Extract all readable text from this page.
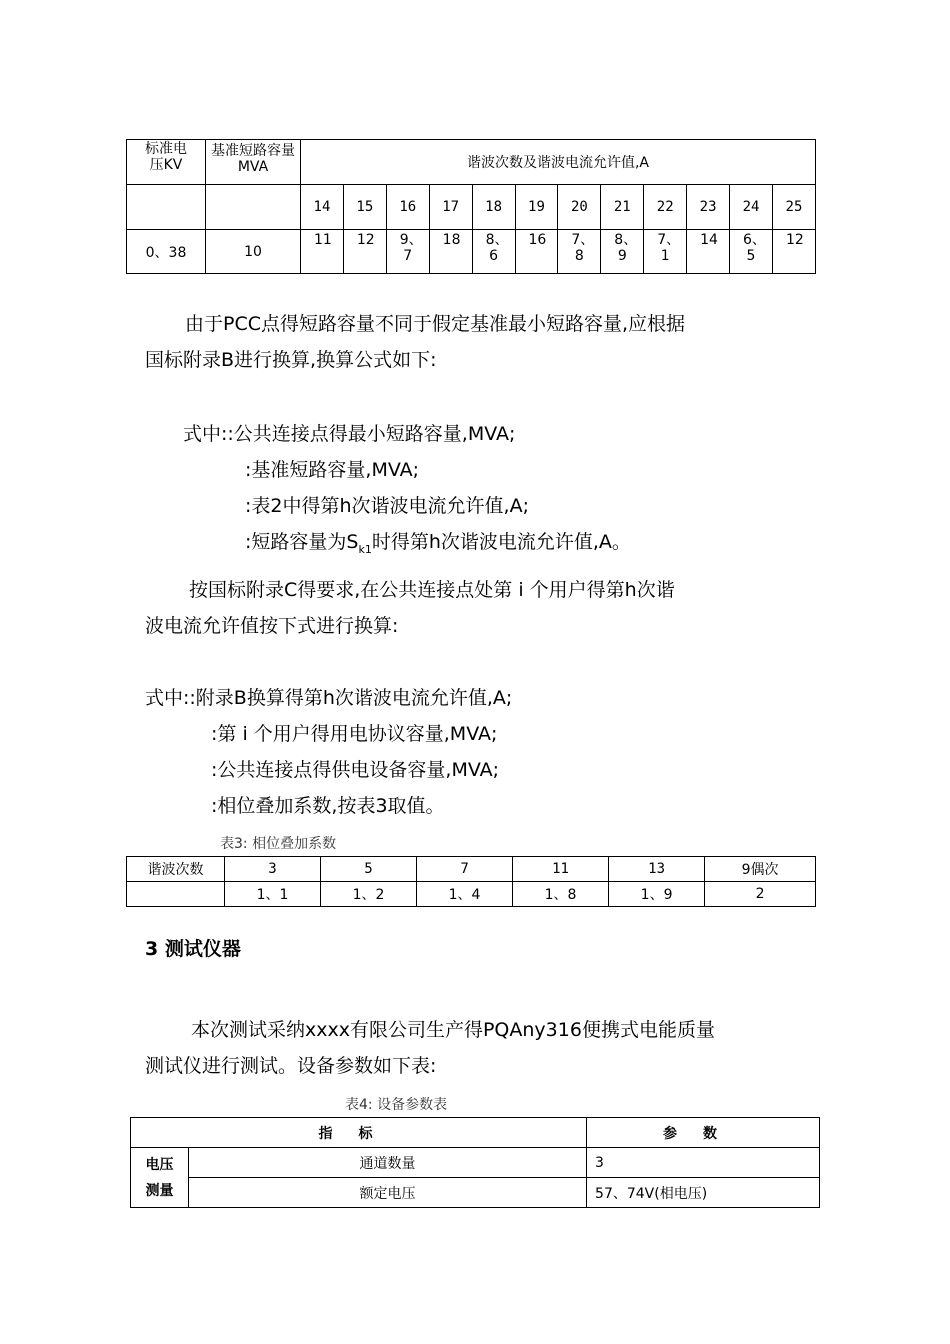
标准电压KV	基准短路容量MVA	谐波次数及谐波电流允许值,A											
		14	15	16	17	18	19	20	21	22	23	24	25
0、38	10	11	12	9、7	18	8、6	16	7、8	8、9	7、1	14	6、5	12
由于PCC点得短路容量不同于假定基准最小短路容量,应根据
国标附录B进行换算,换算公式如下:
式中::公共连接点得最小短路容量,MVA;
:基准短路容量,MVA;
:表2中得第h次谐波电流允许值,A;
:短路容量为$S_{k1}$时得第h次谐波电流允许值,A。
按国标附录C得要求,在公共连接点处第 i 个用户得第h次谐
波电流允许值按下式进行换算:
式中::附录B换算得第h次谐波电流允许值,A;
:第 i 个用户得用电协议容量,MVA;
:公共连接点得供电设备容量,MVA;
:相位叠加系数,按表3取值。
表3: 相位叠加系数
谐波次数	3	5	7	11	13	9偶次
	1、1	1、2	1、4	1、8	1、9	2
3 测试仪器
本次测试采纳xxxx有限公司生产得PQAny316便携式电能质量
测试仪进行测试。设备参数如下表:
表4: 设备参数表
指标		参数

电压
测量	通道数量	3
	额定电压	57、74V(相电压)
